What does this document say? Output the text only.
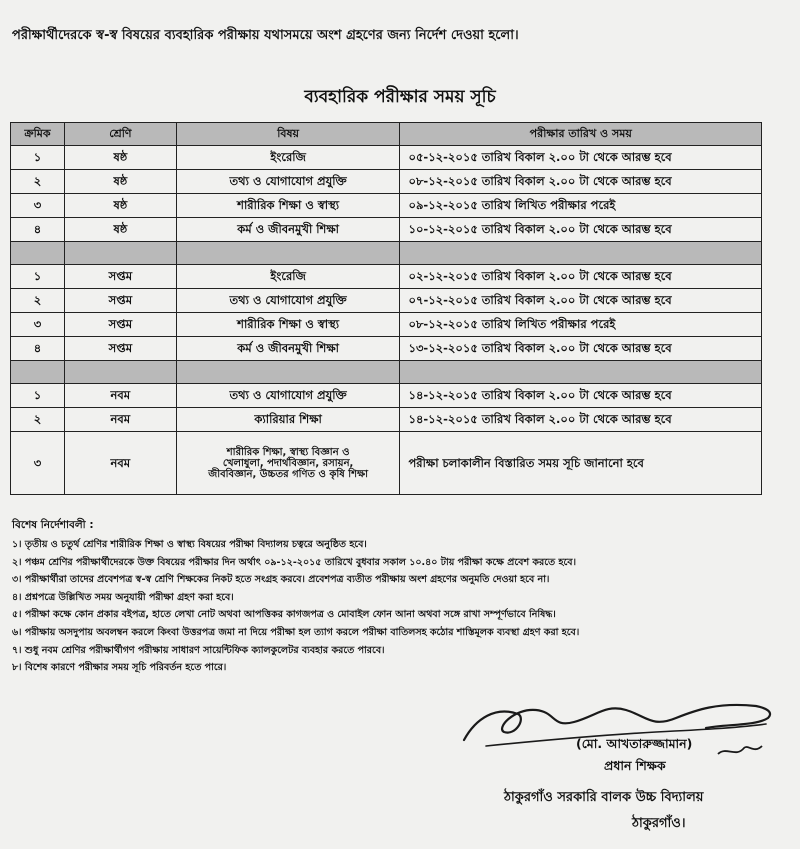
পরীক্ষার্থীদেরকে স্ব-স্ব বিষয়ের ব্যবহারিক পরীক্ষায় যথাসময়ে অংশ গ্রহণের জন্য নির্দেশ দেওয়া হলো।
ব্যবহারিক পরীক্ষার সময় সূচি
ক্রমিক	শ্রেণি	বিষয়	পরীক্ষার তারিখ ও সময়
১	ষষ্ঠ	ইংরেজি	০৫-১২-২০১৫ তারিখ বিকাল ২.০০ টা থেকে আরম্ভ হবে
২	ষষ্ঠ	তথ্য ও যোগাযোগ প্রযুক্তি	০৮-১২-২০১৫ তারিখ বিকাল ২.০০ টা থেকে আরম্ভ হবে
৩	ষষ্ঠ	শারীরিক শিক্ষা ও স্বাস্থ্য	০৯-১২-২০১৫ তারিখ লিখিত পরীক্ষার পরেই
৪	ষষ্ঠ	কর্ম ও জীবনমুখী শিক্ষা	১০-১২-২০১৫ তারিখ বিকাল ২.০০ টা থেকে আরম্ভ হবে

১	সপ্তম	ইংরেজি	০২-১২-২০১৫ তারিখ বিকাল ২.০০ টা থেকে আরম্ভ হবে
২	সপ্তম	তথ্য ও যোগাযোগ প্রযুক্তি	০৭-১২-২০১৫ তারিখ বিকাল ২.০০ টা থেকে আরম্ভ হবে
৩	সপ্তম	শারীরিক শিক্ষা ও স্বাস্থ্য	০৮-১২-২০১৫ তারিখ লিখিত পরীক্ষার পরেই
৪	সপ্তম	কর্ম ও জীবনমুখী শিক্ষা	১৩-১২-২০১৫ তারিখ বিকাল ২.০০ টা থেকে আরম্ভ হবে

১	নবম	তথ্য ও যোগাযোগ প্রযুক্তি	১৪-১২-২০১৫ তারিখ বিকাল ২.০০ টা থেকে আরম্ভ হবে
২	নবম	ক্যারিয়ার শিক্ষা	১৪-১২-২০১৫ তারিখ বিকাল ২.০০ টা থেকে আরম্ভ হবে
৩	নবম	শারীরিক শিক্ষা, স্বাস্থ্য বিজ্ঞান ও
খেলাধুলা, পদার্থবিজ্ঞান, রসায়ন,
জীববিজ্ঞান, উচ্চতর গণিত ও কৃষি শিক্ষা	পরীক্ষা চলাকালীন বিস্তারিত সময় সূচি জানানো হবে
বিশেষ নির্দেশাবলী :
১। তৃতীয় ও চতুর্থ শ্রেণির শারীরিক শিক্ষা ও স্বাস্থ্য বিষয়ের পরীক্ষা বিদ্যালয় চত্বরে অনুষ্ঠিত হবে।
২। পঞ্চম শ্রেণির পরীক্ষার্থীদেরকে উক্ত বিষয়ের পরীক্ষার দিন অর্থাৎ ০৯-১২-২০১৫ তারিখে বুধবার সকাল ১০.৪০ টায় পরীক্ষা কক্ষে প্রবেশ করতে হবে।
৩। পরীক্ষার্থীরা তাদের প্রবেশপত্র স্ব-স্ব শ্রেণি শিক্ষকের নিকট হতে সংগ্রহ করবে। প্রবেশপত্র ব্যতীত পরীক্ষায় অংশ গ্রহণের অনুমতি দেওয়া হবে না।
৪। প্রশ্নপত্রে উল্লিখিত সময় অনুযায়ী পরীক্ষা গ্রহণ করা হবে।
৫। পরীক্ষা কক্ষে কোন প্রকার বইপত্র, হাতে লেখা নোট অথবা আপত্তিকর কাগজপত্র ও মোবাইল ফোন আনা অথবা সঙ্গে রাখা সম্পূর্ণভাবে নিষিদ্ধ।
৬। পরীক্ষায় অসদুপায় অবলম্বন করলে কিংবা উত্তরপত্র জমা না দিয়ে পরীক্ষা হল ত্যাগ করলে পরীক্ষা বাতিলসহ কঠোর শাস্তিমূলক ব্যবস্থা গ্রহণ করা হবে।
৭। শুধু নবম শ্রেণির পরীক্ষার্থীগণ পরীক্ষায় সাধারণ সায়েন্টিফিক ক্যালকুলেটর ব্যবহার করতে পারবে।
৮। বিশেষ কারণে পরীক্ষার সময় সূচি পরিবর্তন হতে পারে।
(মো. আখতারুজ্জামান)
প্রধান শিক্ষক
ঠাকুরগাঁও সরকারি বালক উচ্চ বিদ্যালয়
ঠাকুরগাঁও।
